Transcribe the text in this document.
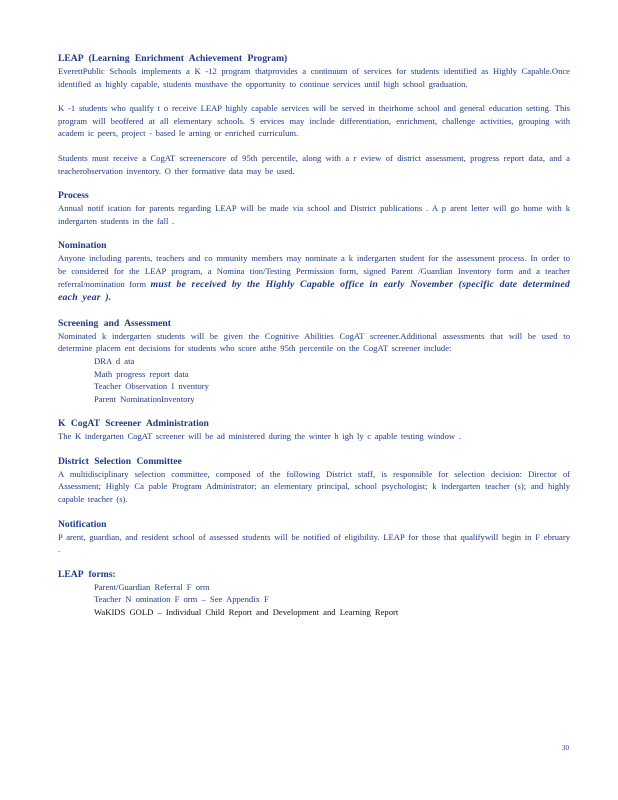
LEAP (Learning Enrichment Achievement Program)
EverettPublic Schools implements a K -12 program thatprovides a continuum of services for students identified as Highly Capable.Once identified as highly capable, students musthave the opportunity to continue services until high school graduation.
K -1 students who qualify t o receive LEAP highly capable services will be served in theirhome school and general education setting. This program will beoffered at all elementary schools. S ervices may include differentiation, enrichment, challenge activities, grouping with academ ic peers, project - based le arning or enriched curriculum.
Students must receive a CogAT screenerscore of 95th percentile, along with a r eview of district assessment, progress report data, and a teacherobservation inventory. O ther formative data may be used.
Process
Annual notif ication for parents regarding LEAP will be made via school and District publications . A p arent letter will go home with k indergarten students in the fall .
Nomination
Anyone including parents, teachers and co mmunity members may nominate a k indergarten student for the assessment process. In order to be considered for the LEAP program, a Nomina tion/Testing Permission form, signed Parent /Guardian Inventory form and a teacher referral/nomination form must be received by the Highly Capable office in early November (specific date determined each year ).
Screening and Assessment
Nominated k indergarten students will be given the Cognitive Abilities CogAT screener.Additional assessments that will be used to determine placem ent decisions for students who score atthe 95th percentile on the CogAT screener include:
DRA d ata
Math progress report data
Teacher Observation I nventory
Parent NominationInventory
K CogAT Screener Administration
The K indergarten CogAT screener will be ad ministered during the winter h igh ly c apable testing window .
District Selection Committee
A multidisciplinary selection committee, composed of the following District staff, is responsible for selection decision: Director of Assessment; Highly Ca pable Program Administrator; an elementary principal, school psychologist; k indergarten teacher (s); and highly capable teacher (s).
Notification
P arent, guardian, and resident school of assessed students will be notified of eligibility. LEAP for those that qualifywill begin in F ebruary .
LEAP forms:
Parent/Guardian Referral F orm
Teacher N omination F orm – See Appendix F
WaKIDS GOLD – Individual Child Report and Development and Learning Report
30
